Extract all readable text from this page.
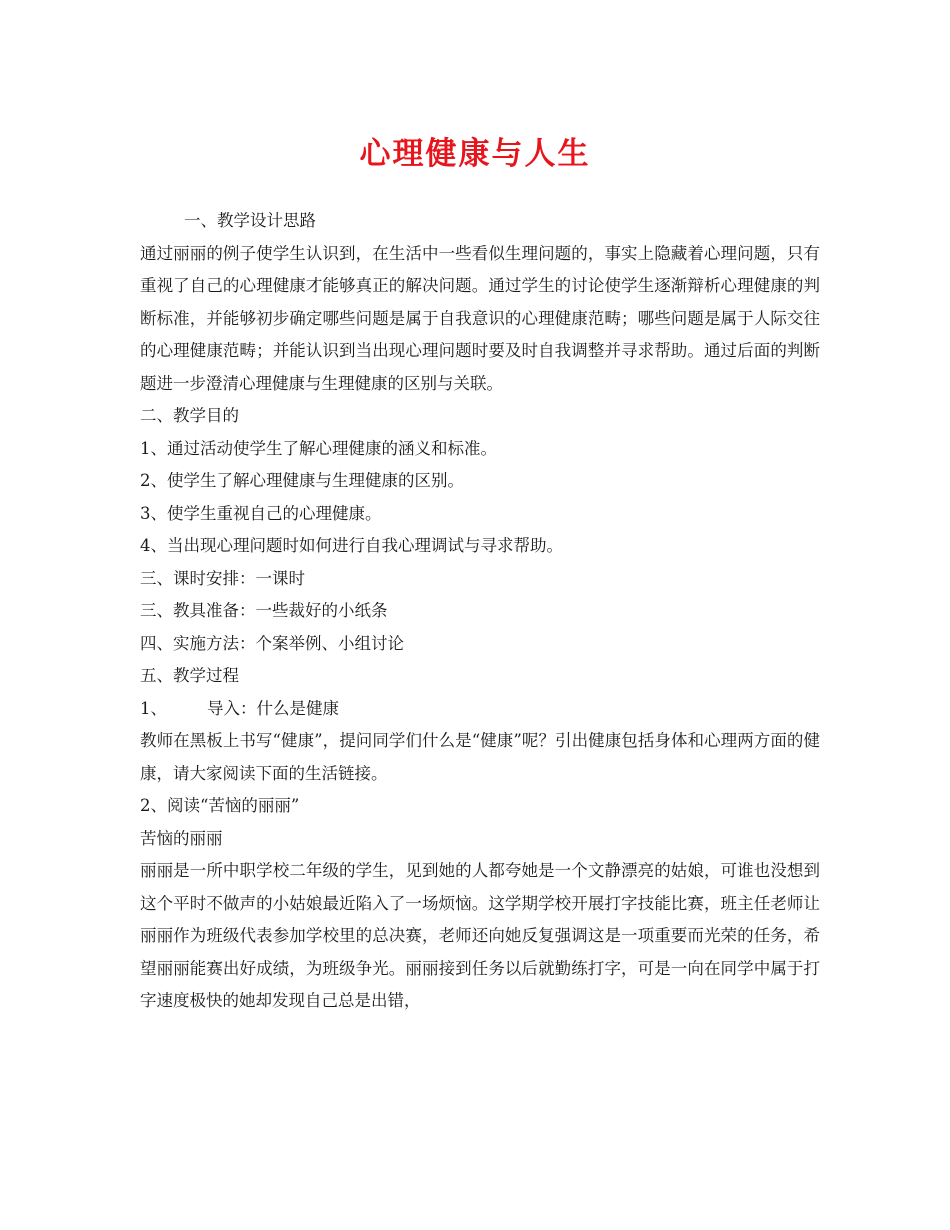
心理健康与人生

一、教学设计思路

通过丽丽的例子使学生认识到，在生活中一些看似生理问题的，事实上隐藏着心理问题，只有重视了自己的心理健康才能够真正的解决问题。通过学生的讨论使学生逐渐辩析心理健康的判断标准，并能够初步确定哪些问题是属于自我意识的心理健康范畴；哪些问题是属于人际交往的心理健康范畴；并能认识到当出现心理问题时要及时自我调整并寻求帮助。通过后面的判断题进一步澄清心理健康与生理健康的区别与关联。

二、教学目的

1、通过活动使学生了解心理健康的涵义和标准。

2、使学生了解心理健康与生理健康的区别。

3、使学生重视自己的心理健康。

4、当出现心理问题时如何进行自我心理调试与寻求帮助。

三、课时安排：一课时

三、教具准备：一些裁好的小纸条

四、实施方法：个案举例、小组讨论

五、教学过程

1、 导入：什么是健康

教师在黑板上书写“健康”，提问同学们什么是“健康”呢？引出健康包括身体和心理两方面的健康，请大家阅读下面的生活链接。

2、阅读“苦恼的丽丽”

苦恼的丽丽

丽丽是一所中职学校二年级的学生，见到她的人都夸她是一个文静漂亮的姑娘，可谁也没想到这个平时不做声的小姑娘最近陷入了一场烦恼。这学期学校开展打字技能比赛，班主任老师让丽丽作为班级代表参加学校里的总决赛，老师还向她反复强调这是一项重要而光荣的任务，希望丽丽能赛出好成绩，为班级争光。丽丽接到任务以后就勤练打字，可是一向在同学中属于打字速度极快的她却发现自己总是出错，
